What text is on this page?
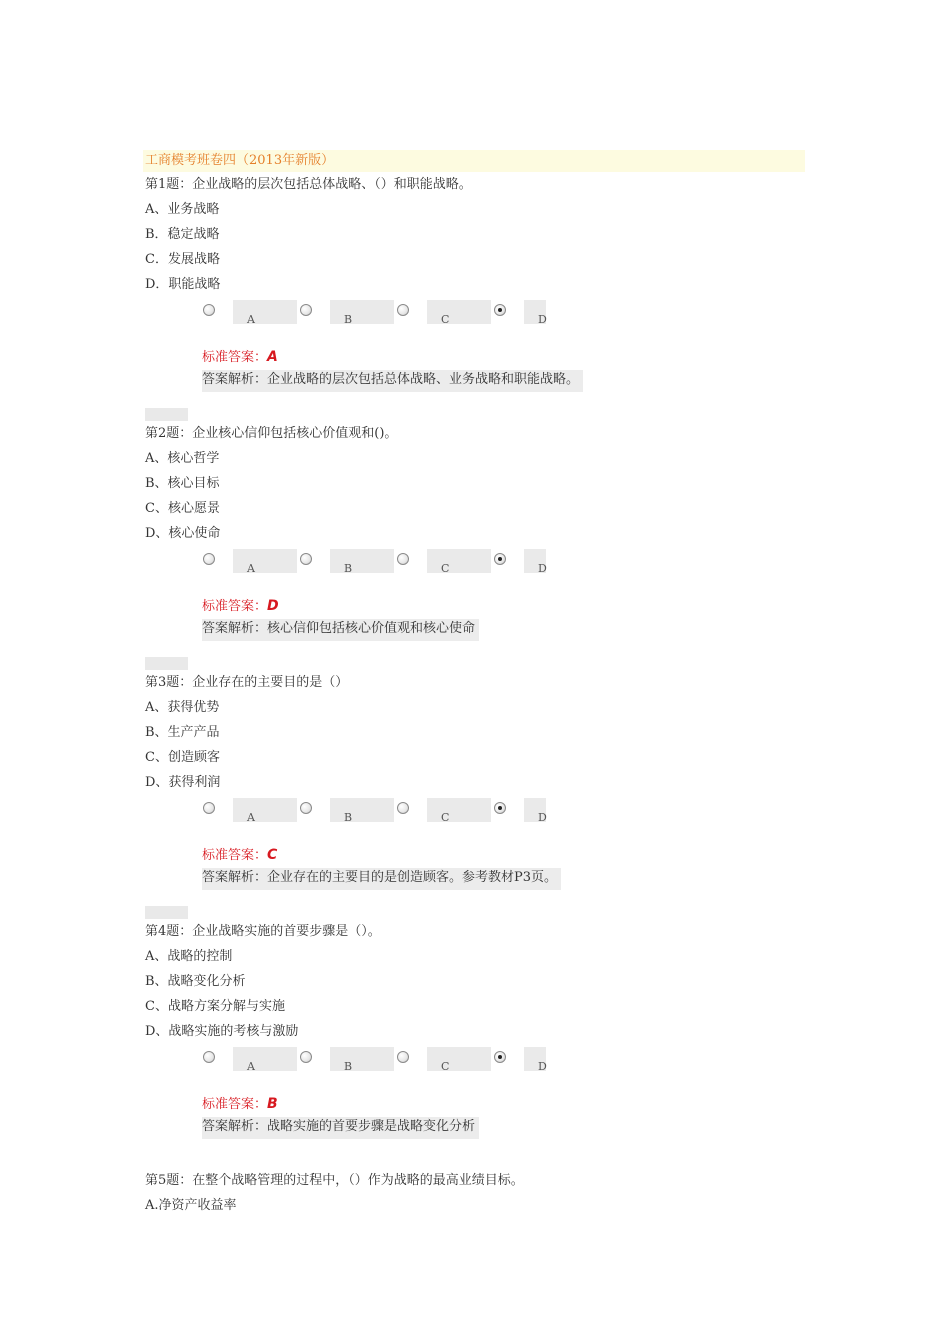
工商模考班卷四（2013年新版）
第1题：企业战略的层次包括总体战略、（）和职能战略。
A、业务战略
B．稳定战略
C．发展战略
D．职能战略
A	B	C	D
标准答案：A
答案解析：企业战略的层次包括总体战略、业务战略和职能战略。
第2题：企业核心信仰包括核心价值观和()。
A、核心哲学
B、核心目标
C、核心愿景
D、核心使命
A	B	C	D
标准答案：D
答案解析：核心信仰包括核心价值观和核心使命
第3题：企业存在的主要目的是（）
A、获得优势
B、生产产品
C、创造顾客
D、获得利润
A	B	C	D
标准答案：C
答案解析：企业存在的主要目的是创造顾客。参考教材P3页。
第4题：企业战略实施的首要步骤是（）。
A、战略的控制
B、战略变化分析
C、战略方案分解与实施
D、战略实施的考核与激励
A	B	C	D
标准答案：B
答案解析：战略实施的首要步骤是战略变化分析
第5题：在整个战略管理的过程中，（）作为战略的最高业绩目标。
A.净资产收益率
